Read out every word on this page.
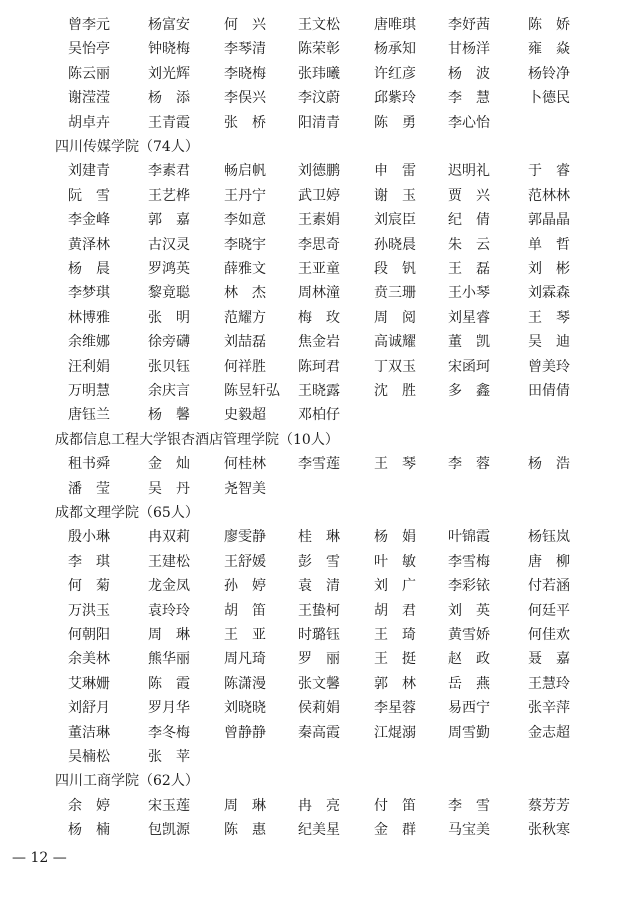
曾李元	杨富安	何　兴	王文松	唐唯琪	李妤茜	陈　娇
吴怡亭	钟晓梅	李琴清	陈荣彰	杨承知	甘杨洋	雍　焱
陈云丽	刘光辉	李晓梅	张玮曦	许红彦	杨　波	杨铃净
谢滢滢	杨　添	李俣兴	李汶蔚	邱紫玲	李　慧	卜德民
胡卓卉	王青霞	张　桥	阳清青	陈　勇	李心怡
四川传媒学院（74人）
刘建青	李素君	畅启帆	刘德鹏	申　雷	迟明礼	于　睿
阮　雪	王艺桦	王丹宁	武卫婷	谢　玉	贾　兴	范林林
李金峰	郭　嘉	李如意	王素娟	刘宸臣	纪　倩	郭晶晶
黄泽林	古汉灵	李晓宇	李思奇	孙晓晨	朱　云	单　哲
杨　晨	罗鸿英	薛雅文	王亚童	段　钒	王　磊	刘　彬
李梦琪	黎竟聪	林　杰	周林潼	贲三珊	王小琴	刘霖森
林博雅	张　明	范耀方	梅　玫	周　阅	刘星睿	王　琴
余维娜	徐旁礴	刘喆磊	焦金岩	高诚耀	董　凯	吴　迪
汪利娟	张贝钰	何祥胜	陈珂君	丁双玉	宋函珂	曾美玲
万明慧	余庆言	陈昱轩弘	王晓露	沈　胜	多　鑫	田倩倩
唐钰兰	杨　馨	史毅超	邓柏仔
成都信息工程大学银杏酒店管理学院（10人）
租书舜	金　灿	何桂林	李雪莲	王　琴	李　蓉	杨　浩
潘　莹	吴　丹	尧智美
成都文理学院（65人）
殷小琳	冉双莉	廖雯静	桂　琳	杨　娟	叶锦霞	杨钰岚
李　琪	王建松	王舒媛	彭　雪	叶　敏	李雪梅	唐　柳
何　菊	龙金凤	孙　婷	袁　清	刘　广	李彩铱	付若涵
万洪玉	袁玲玲	胡　笛	王蛰柯	胡　君	刘　英	何廷平
何朝阳	周　琳	王　亚	时璐钰	王　琦	黄雪娇	何佳欢
余美林	熊华丽	周凡琦	罗　丽	王　挺	赵　政	聂　嘉
艾琳姗	陈　霞	陈潇漫	张文馨	郭　林	岳　燕	王慧玲
刘舒月	罗月华	刘晓晓	侯莉娟	李星蓉	易西宁	张辛萍
董洁琳	李冬梅	曾静静	秦高霞	江焜溺	周雪勤	金志超
吴楠松	张　苹
四川工商学院（62人）
余　婷	宋玉莲	周　琳	冉　亮	付　笛	李　雪	蔡芳芳
杨　楠	包凯源	陈　惠	纪美星	金　群	马宝美	张秋寒
— 12 —
